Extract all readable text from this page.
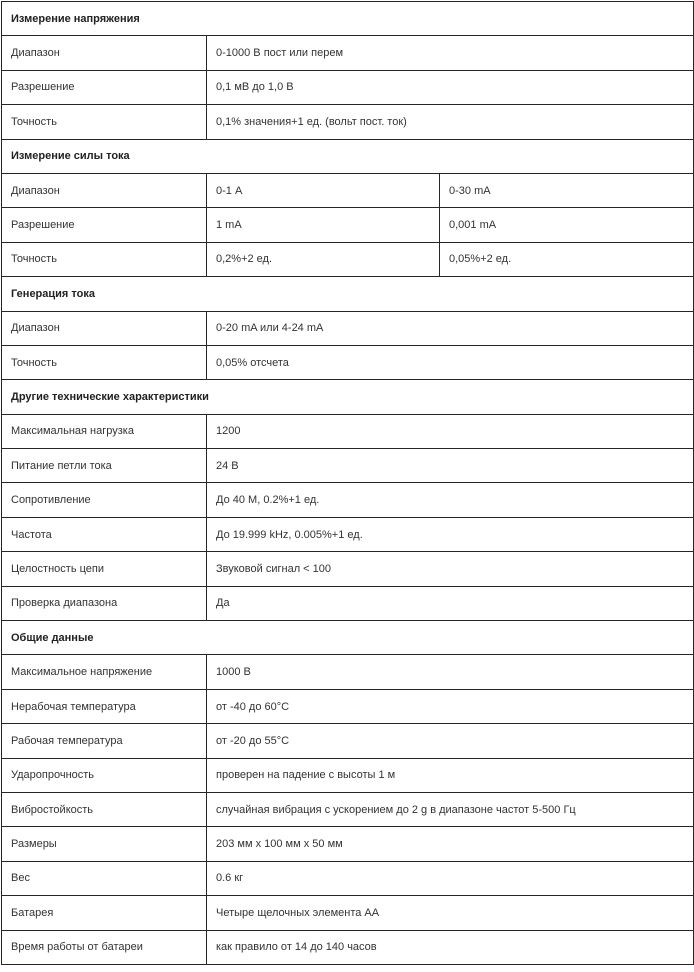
Измерение напряжения		
Диапазон	0-1000 В пост или перем	
Разрешение	0,1 мВ до 1,0 В	
Точность	0,1% значения+1 ед. (вольт пост. ток)	
Измерение силы тока		
Диапазон	0-1 А	0-30 mA
Разрешение	1 mA	0,001 mA
Точность	0,2%+2 ед.	0,05%+2 ед.
Генерация тока		
Диапазон	0-20 mA или 4-24 mA	
Точность	0,05% отсчета	
Другие технические характеристики		
Максимальная нагрузка	1200	
Питание петли тока	24 В	
Сопротивление	До 40 М, 0.2%+1 ед.	
Частота	До 19.999 kHz, 0.005%+1 ед.	
Целостность цепи	Звуковой сигнал < 100	
Проверка диапазона	Да	
Общие данные		
Максимальное напряжение	1000 В	
Нерабочая температура	от -40 до 60°С	
Рабочая температура	от -20 до 55°С	
Ударопрочность	проверен на падение с высоты 1 м	
Вибростойкость	случайная вибрация с ускорением до 2 g в диапазоне частот 5-500 Гц	
Размеры	203 мм х 100 мм х 50 мм	
Вес	0.6 кг	
Батарея	Четыре щелочных элемента АА	
Время работы от батареи	как правило от 14 до 140 часов	
